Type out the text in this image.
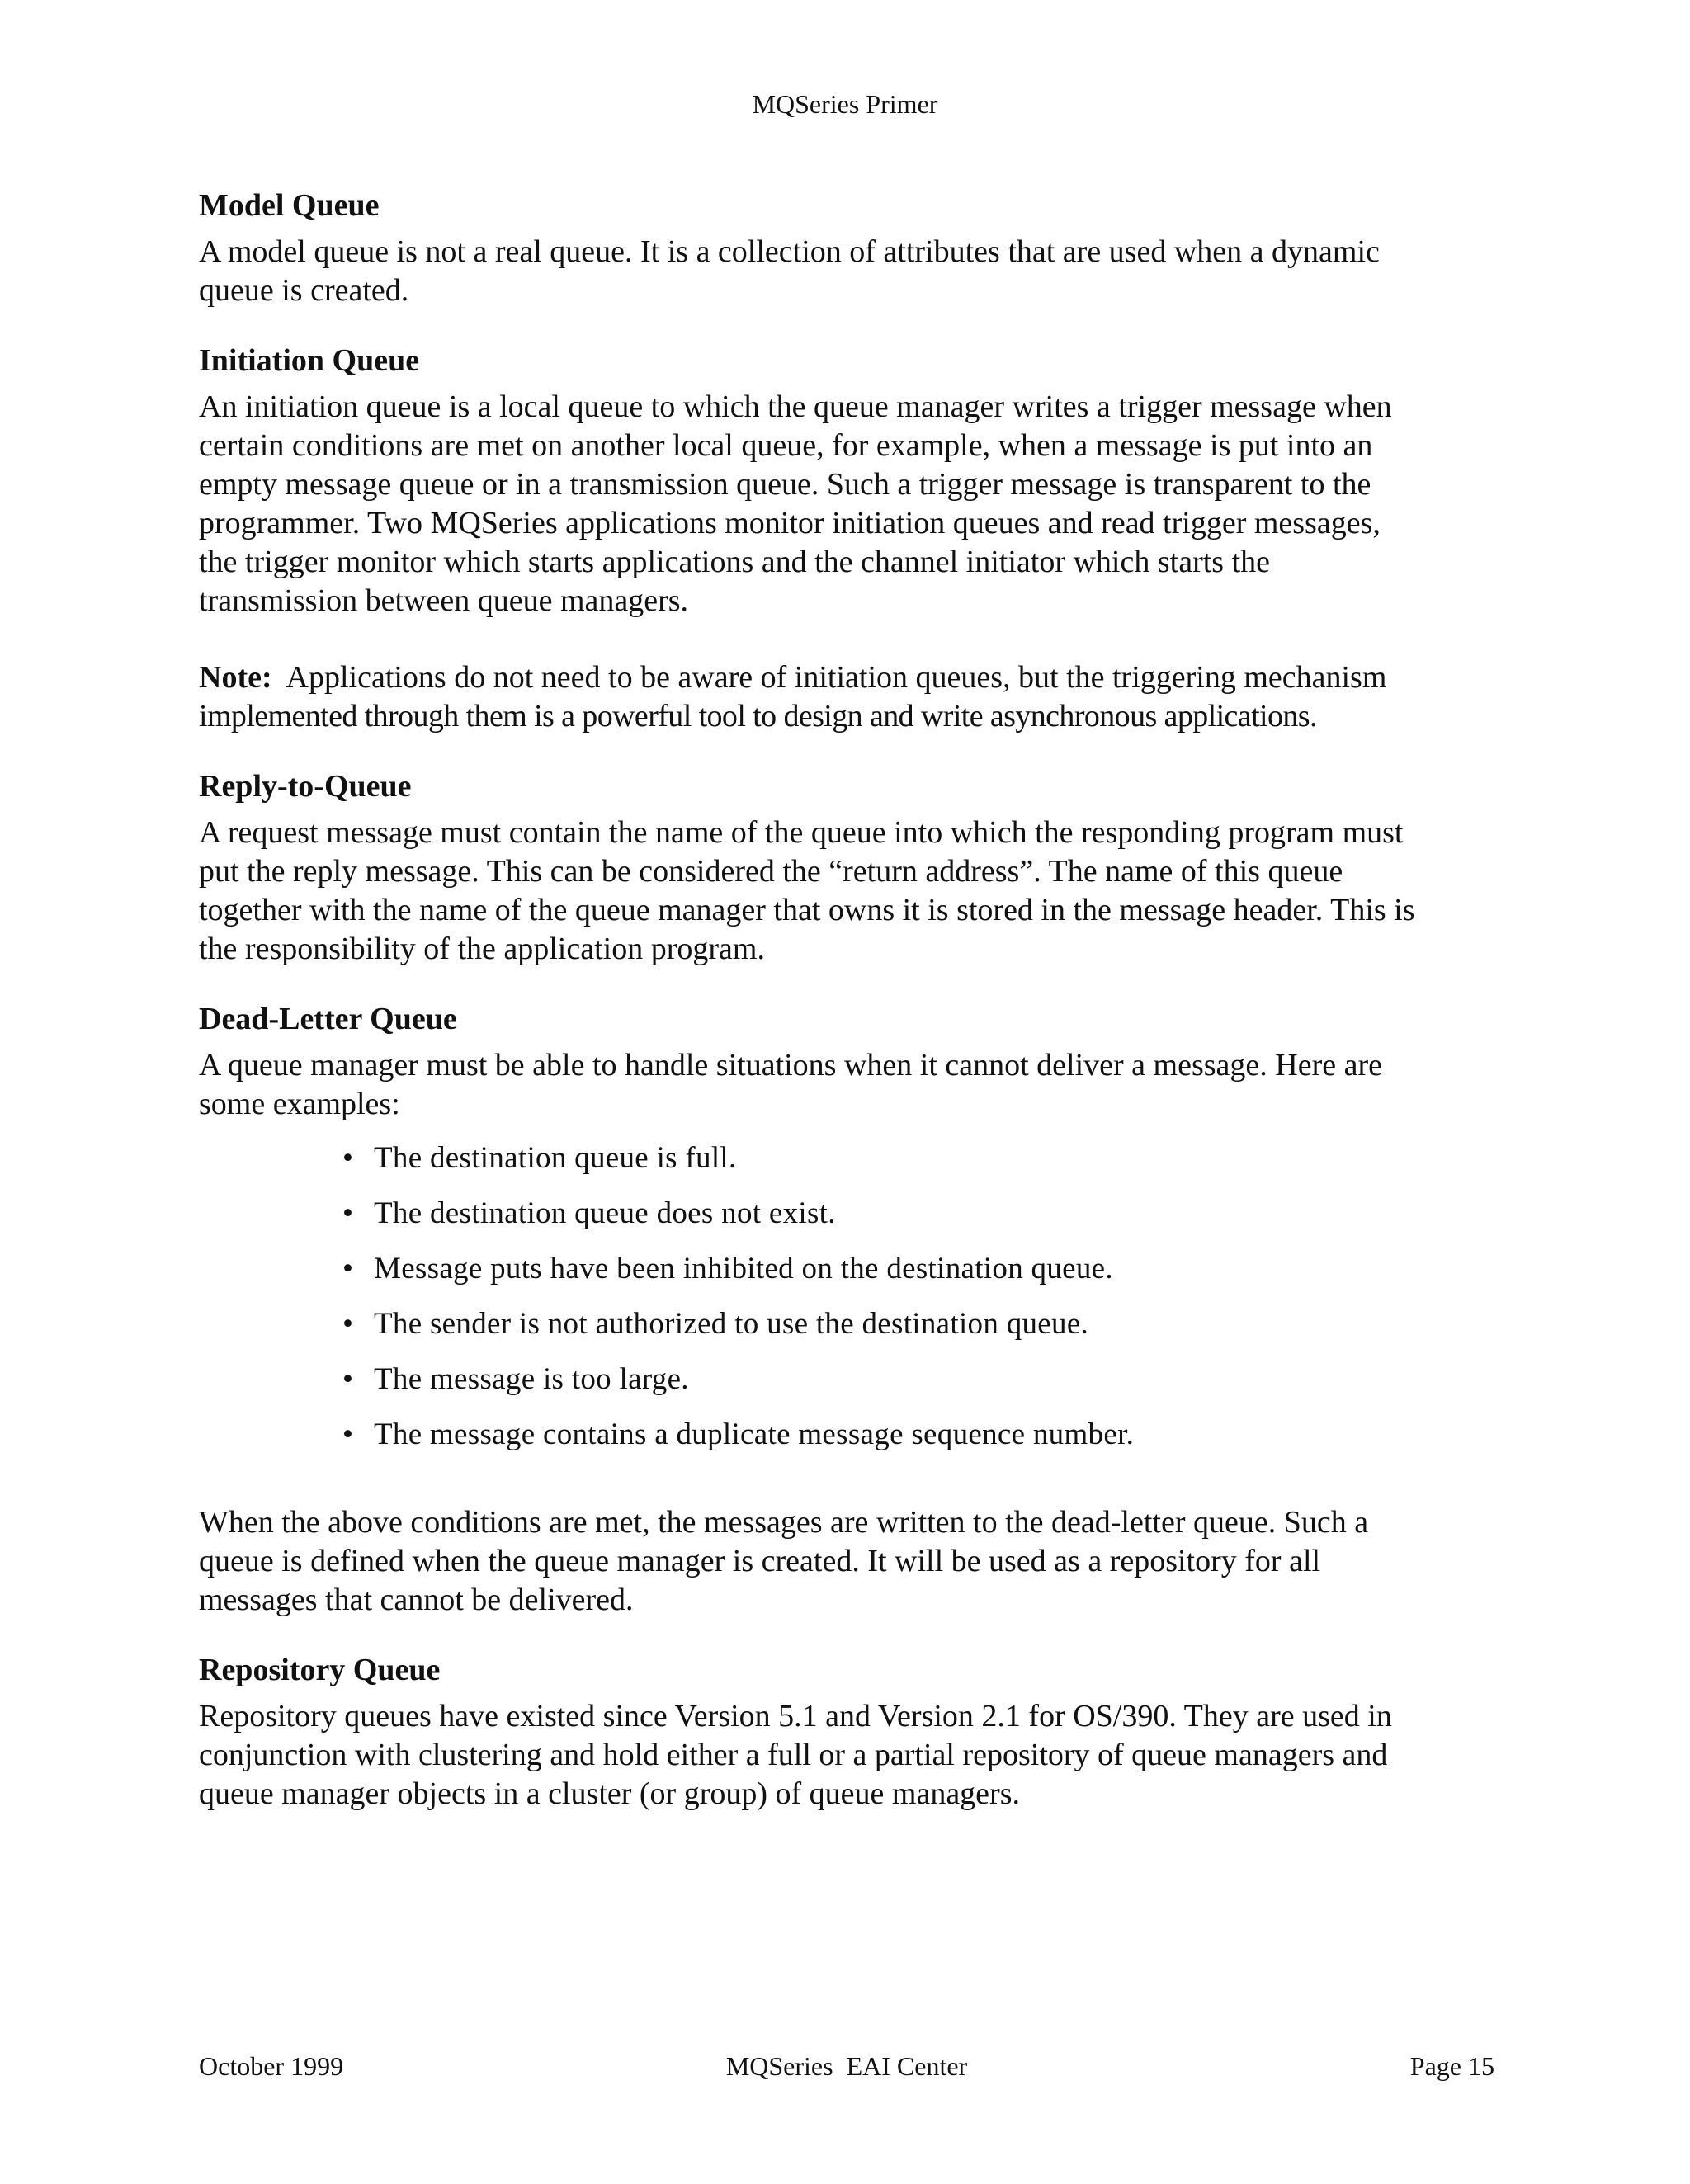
MQSeries Primer
Model Queue

A model queue is not a real queue. It is a collection of attributes that are used when a dynamic
queue is created.

Initiation Queue

An initiation queue is a local queue to which the queue manager writes a trigger message when
certain conditions are met on another local queue, for example, when a message is put into an
empty message queue or in a transmission queue. Such a trigger message is transparent to the
programmer. Two MQSeries applications monitor initiation queues and read trigger messages,
the trigger monitor which starts applications and the channel initiator which starts the
transmission between queue managers.

Note:  Applications do not need to be aware of initiation queues, but the triggering mechanism
implemented through them is a powerful tool to design and write asynchronous applications.

Reply-to-Queue

A request message must contain the name of the queue into which the responding program must
put the reply message. This can be considered the “return address”. The name of this queue
together with the name of the queue manager that owns it is stored in the message header. This is
the responsibility of the application program.

Dead-Letter Queue

A queue manager must be able to handle situations when it cannot deliver a message. Here are
some examples:

• The destination queue is full.
• The destination queue does not exist.
• Message puts have been inhibited on the destination queue.
• The sender is not authorized to use the destination queue.
• The message is too large.
• The message contains a duplicate message sequence number.

When the above conditions are met, the messages are written to the dead-letter queue. Such a
queue is defined when the queue manager is created. It will be used as a repository for all
messages that cannot be delivered.

Repository Queue

Repository queues have existed since Version 5.1 and Version 2.1 for OS/390. They are used in
conjunction with clustering and hold either a full or a partial repository of queue managers and
queue manager objects in a cluster (or group) of queue managers.

October 1999	MQSeries  EAI Center	Page 15
